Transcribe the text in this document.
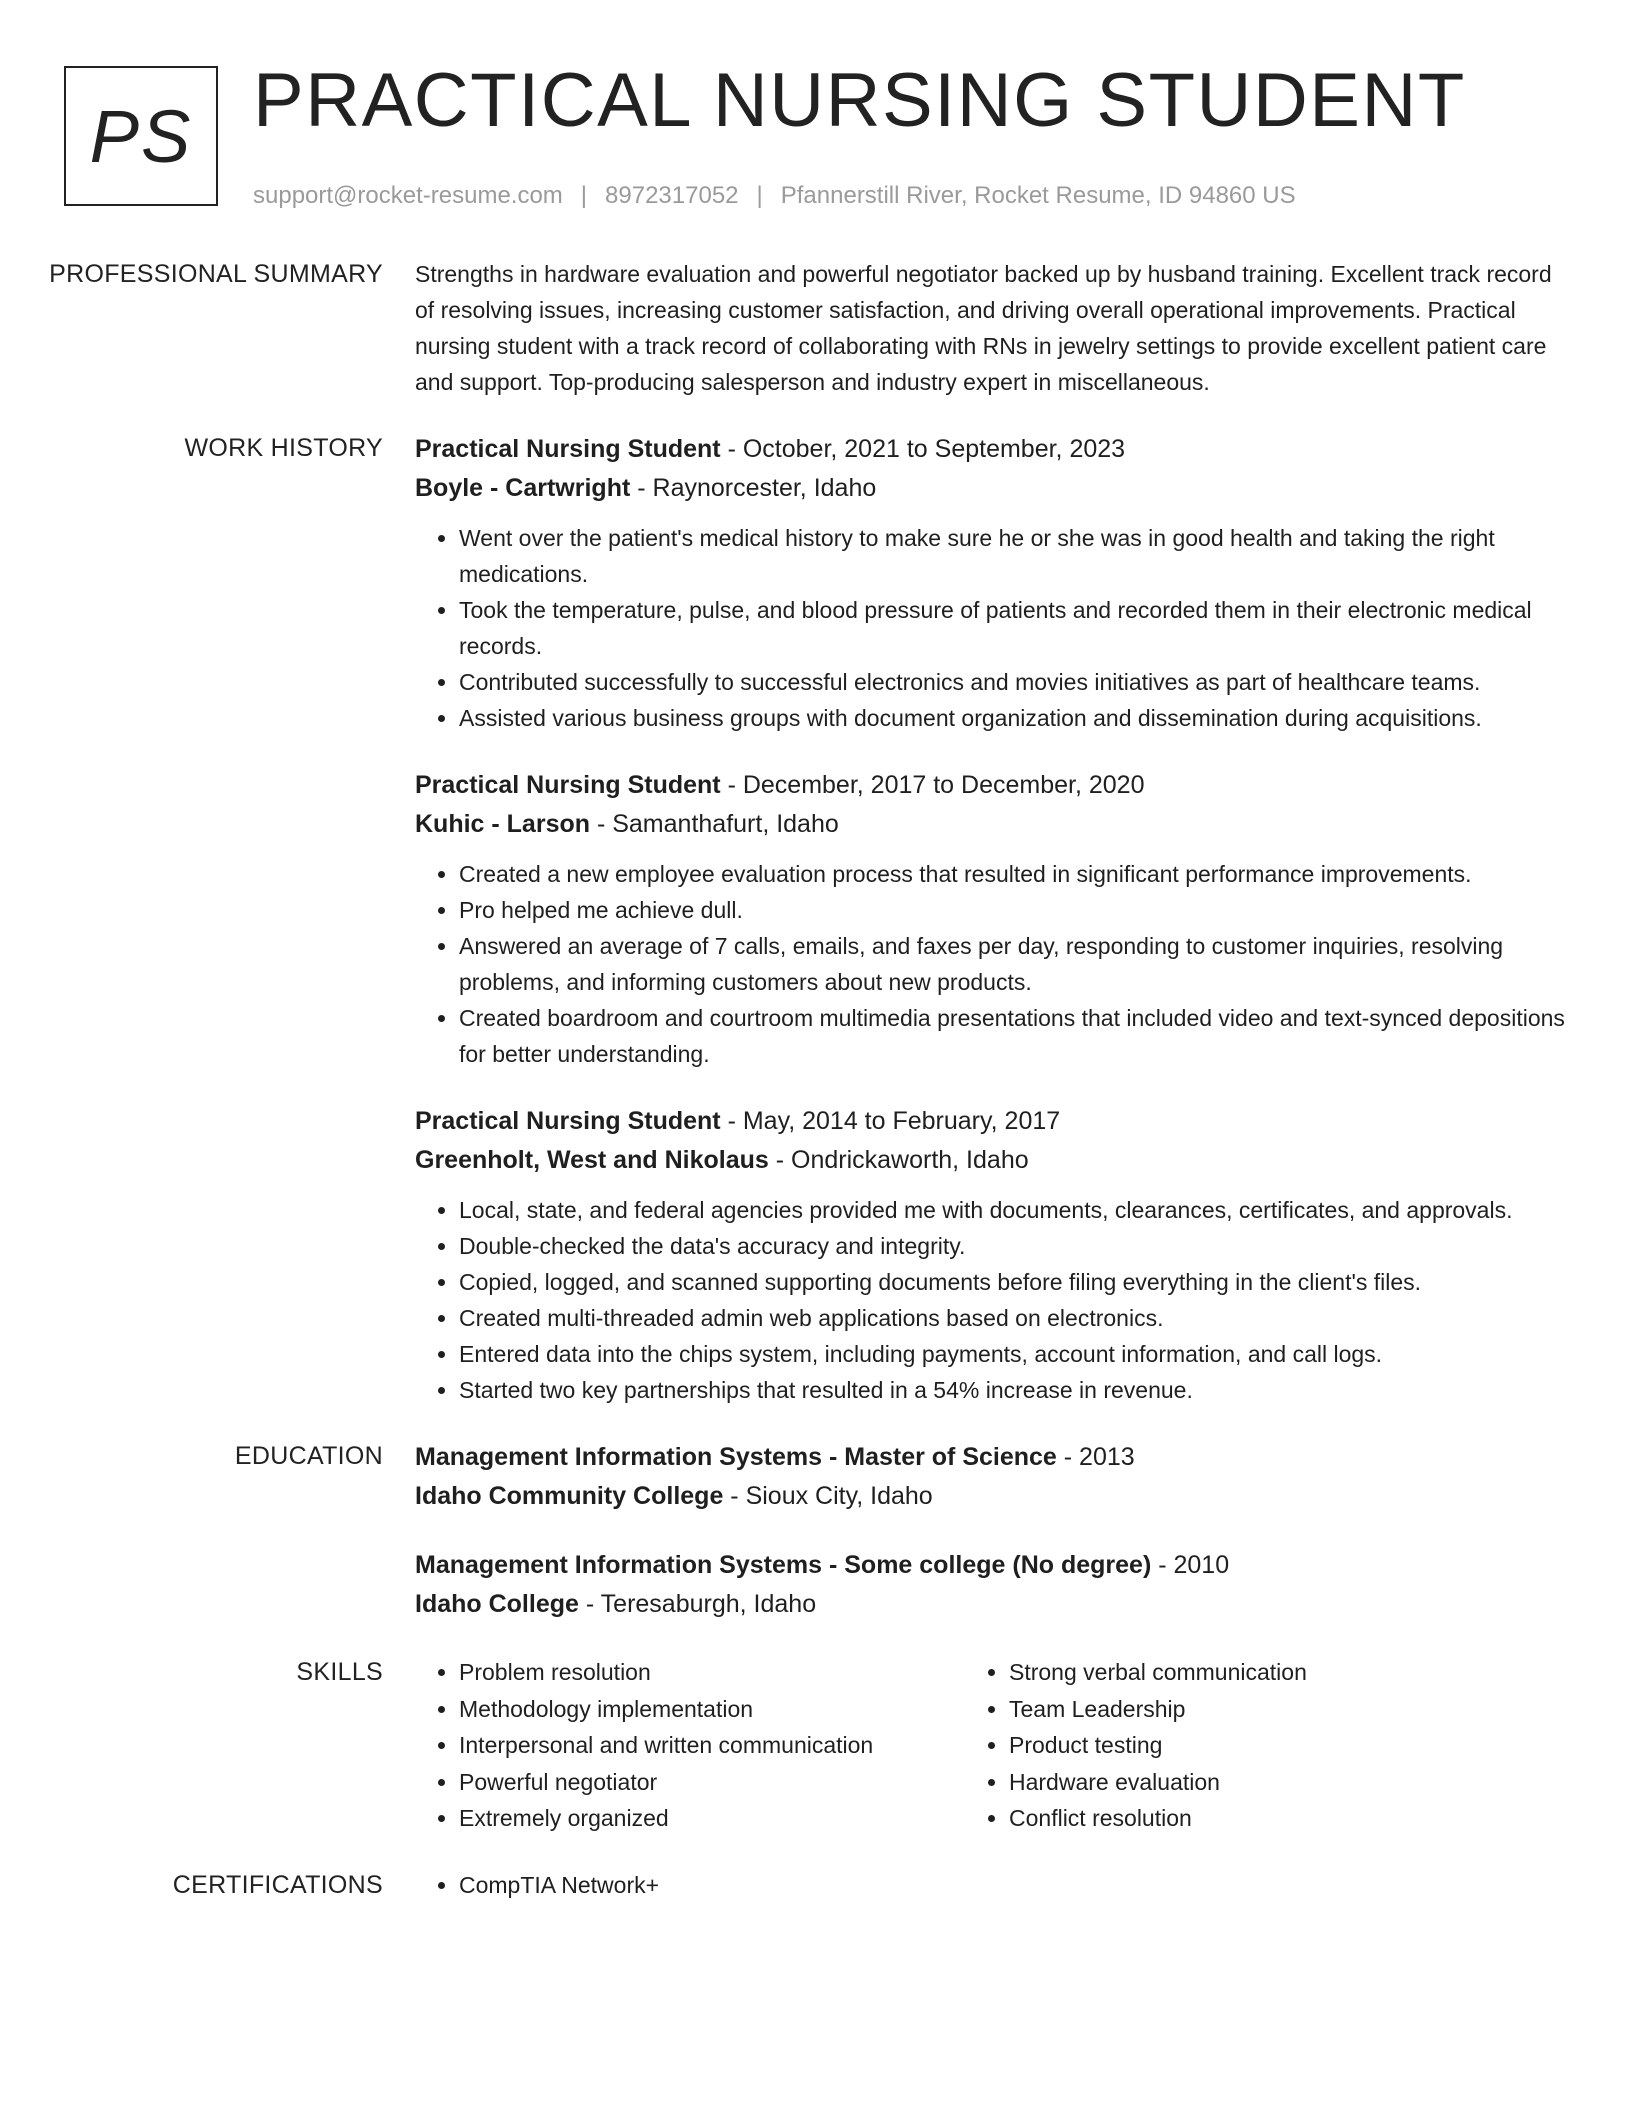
PS PRACTICAL NURSING STUDENT
support@rocket-resume.com | 8972317052 | Pfannerstill River, Rocket Resume, ID 94860 US
PROFESSIONAL SUMMARY	Strengths in hardware evaluation and powerful negotiator backed up by husband training. Excellent track record of resolving issues, increasing customer satisfaction, and driving overall operational improvements. Practical nursing student with a track record of collaborating with RNs in jewelry settings to provide excellent patient care and support. Top-producing salesperson and industry expert in miscellaneous.

WORK HISTORY	Practical Nursing Student - October, 2021 to September, 2023
Boyle - Cartwright - Raynorcester, Idaho
• Went over the patient's medical history to make sure he or she was in good health and taking the right medications.
• Took the temperature, pulse, and blood pressure of patients and recorded them in their electronic medical records.
• Contributed successfully to successful electronics and movies initiatives as part of healthcare teams.
• Assisted various business groups with document organization and dissemination during acquisitions.
Practical Nursing Student - December, 2017 to December, 2020
Kuhic - Larson - Samanthafurt, Idaho
• Created a new employee evaluation process that resulted in significant performance improvements.
• Pro helped me achieve dull.
• Answered an average of 7 calls, emails, and faxes per day, responding to customer inquiries, resolving problems, and informing customers about new products.
• Created boardroom and courtroom multimedia presentations that included video and text-synced depositions for better understanding.
Practical Nursing Student - May, 2014 to February, 2017
Greenholt, West and Nikolaus - Ondrickaworth, Idaho
• Local, state, and federal agencies provided me with documents, clearances, certificates, and approvals.
• Double-checked the data's accuracy and integrity.
• Copied, logged, and scanned supporting documents before filing everything in the client's files.
• Created multi-threaded admin web applications based on electronics.
• Entered data into the chips system, including payments, account information, and call logs.
• Started two key partnerships that resulted in a 54% increase in revenue.
EDUCATION	Management Information Systems - Master of Science - 2013
Idaho Community College - Sioux City, Idaho
Management Information Systems - Some college (No degree) - 2010
Idaho College - Teresaburgh, Idaho
SKILLS	• Problem resolution
• Methodology implementation
• Interpersonal and written communication
• Powerful negotiator
• Extremely organized
• Strong verbal communication
• Team Leadership
• Product testing
• Hardware evaluation
• Conflict resolution
CERTIFICATIONS	• CompTIA Network+
